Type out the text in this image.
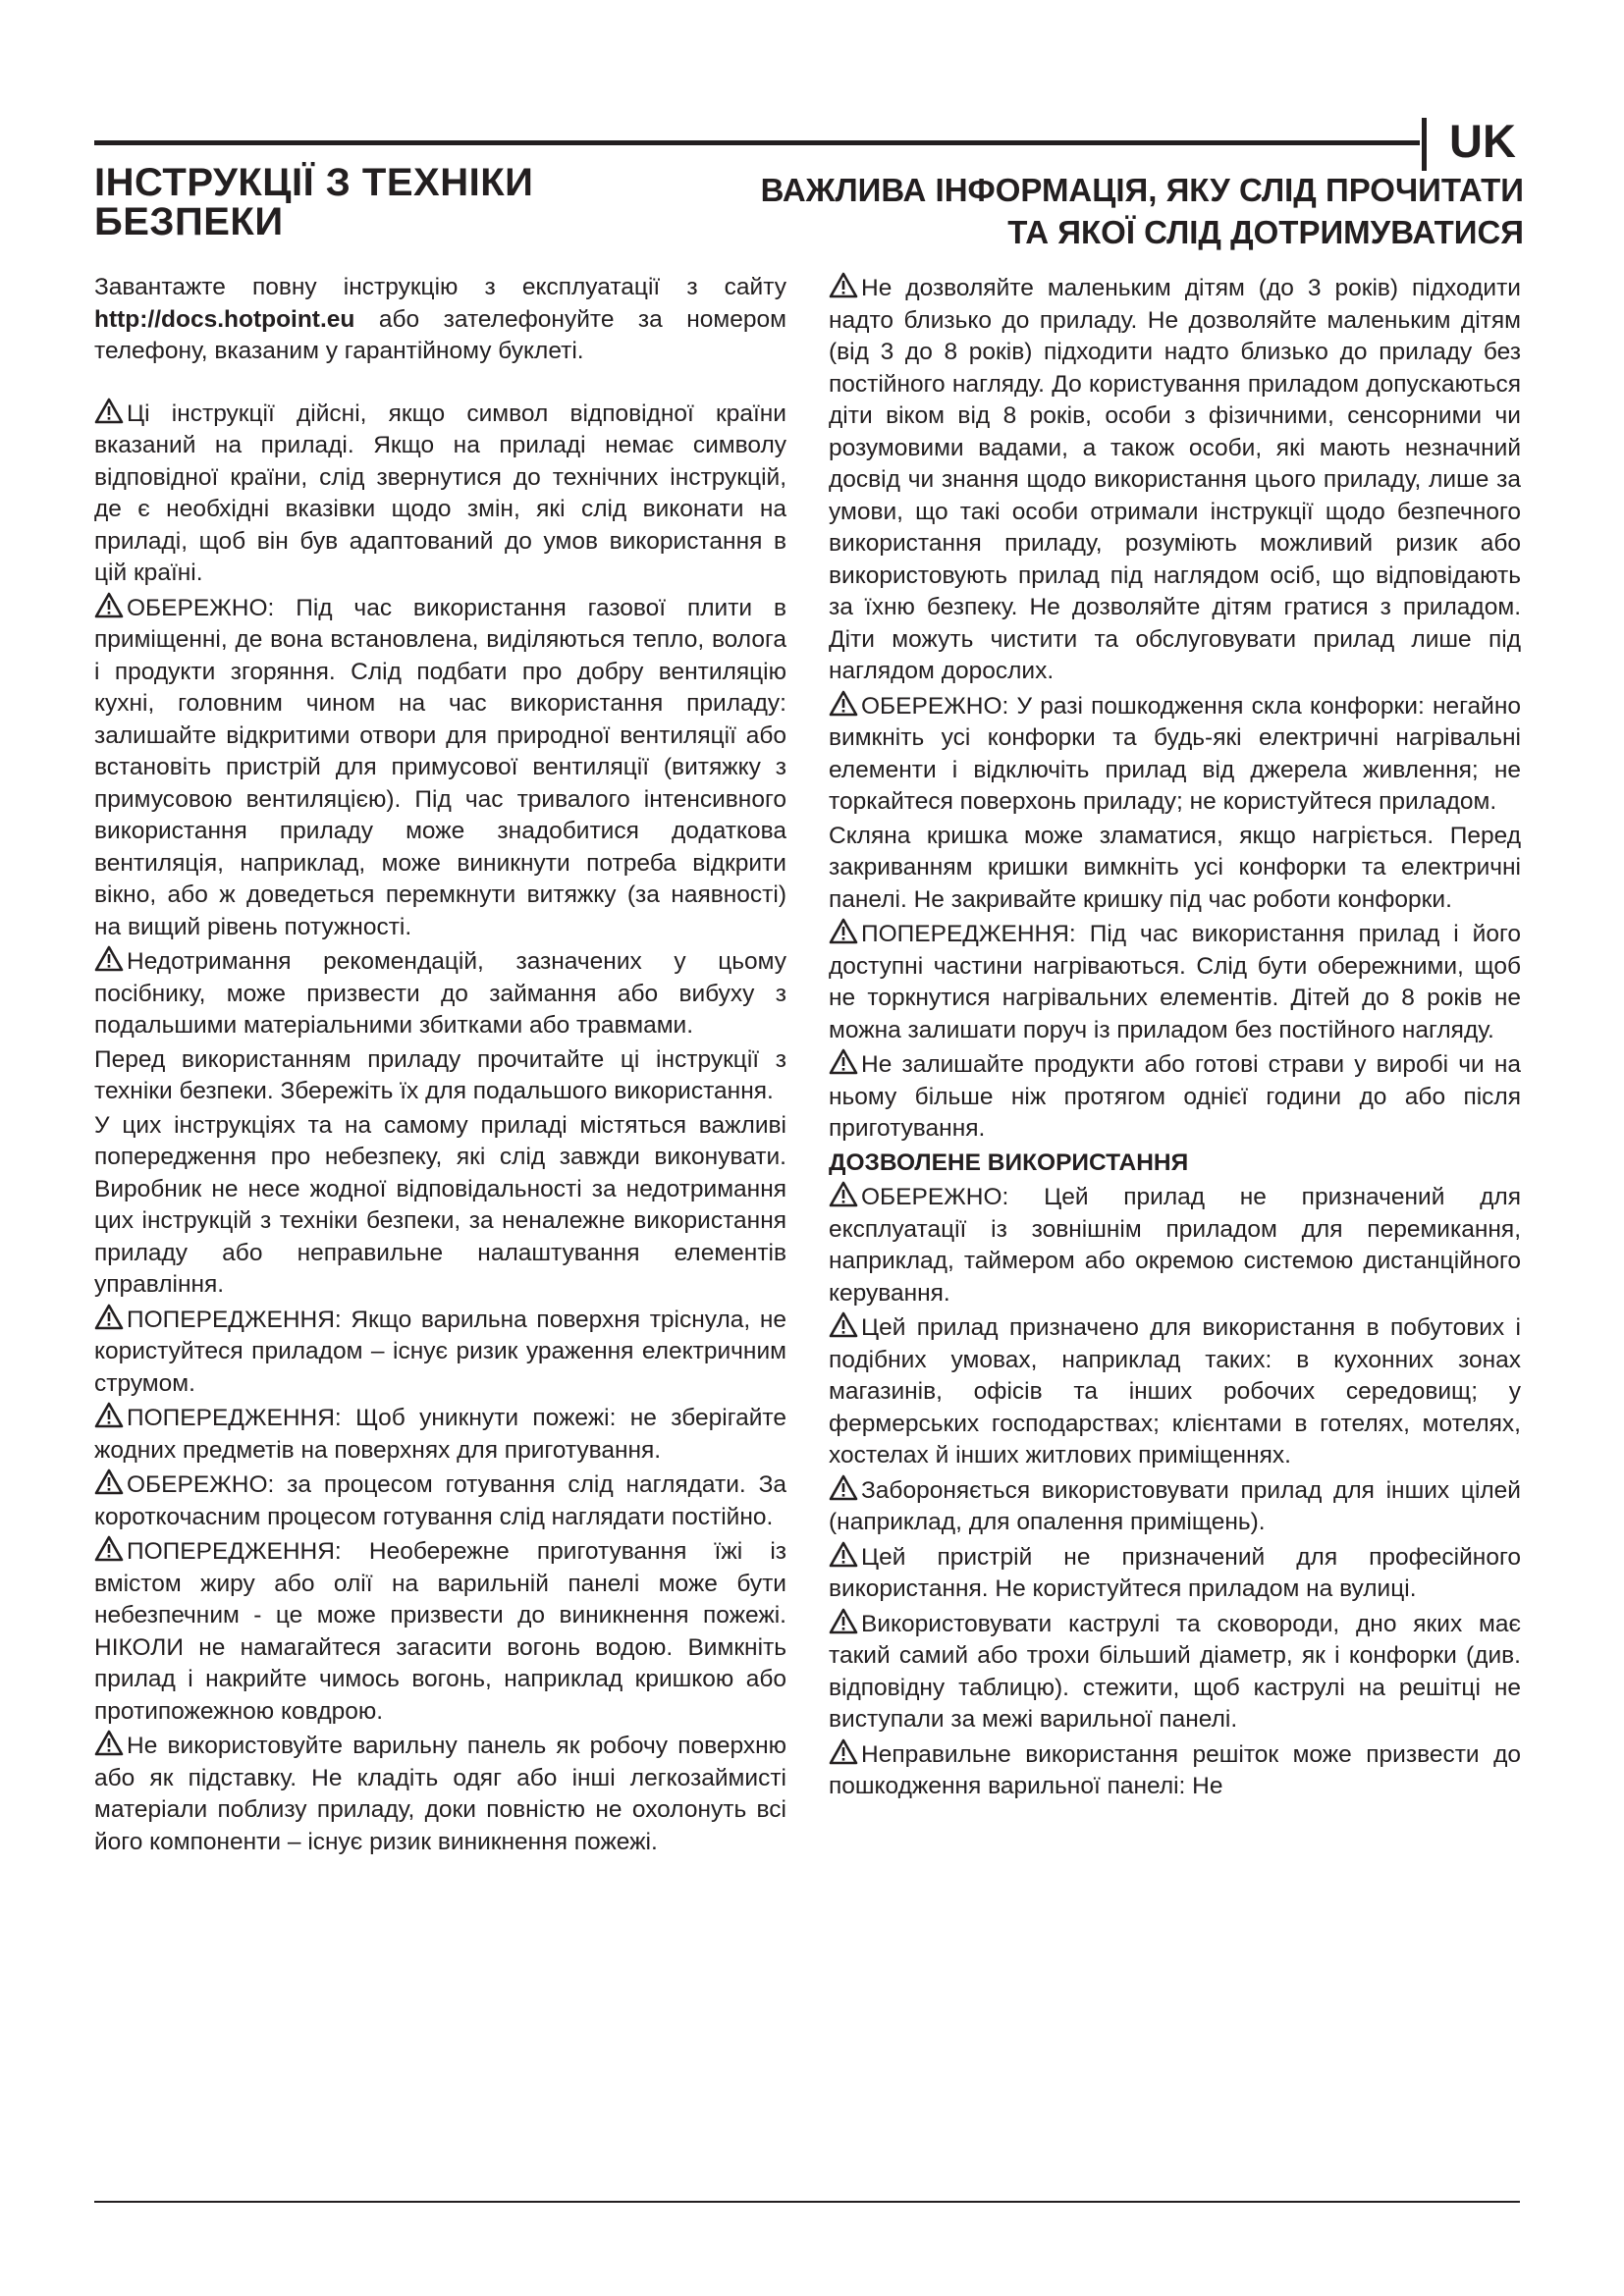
UK
ІНСТРУКЦІЇ З ТЕХНІКИ БЕЗПЕКИ
ВАЖЛИВА ІНФОРМАЦІЯ, ЯКУ СЛІД ПРОЧИТАТИ
ТА ЯКОЇ СЛІД ДОТРИМУВАТИСЯ

Завантажте повну інструкцію з експлуатації з сайту http://docs.hotpoint.eu або зателефонуйте за номером телефону, вказаним у гарантійному буклеті.

Ці інструкції дійсні, якщо символ відповідної країни вказаний на приладі. Якщо на приладі немає символу відповідної країни, слід звернутися до технічних інструкцій, де є необхідні вказівки щодо змін, які слід виконати на приладі, щоб він був адаптований до умов використання в цій країні.

ОБЕРЕЖНО: Під час використання газової плити в приміщенні, де вона встановлена, виділяються тепло, волога і продукти згоряння. Слід подбати про добру вентиляцію кухні, головним чином на час використання приладу: залишайте відкритими отвори для природної вентиляції або встановіть пристрій для примусової вентиляції (витяжку з примусовою вентиляцією). Під час тривалого інтенсивного використання приладу може знадобитися додаткова вентиляція, наприклад, може виникнути потреба відкрити вікно, або ж доведеться перемкнути витяжку (за наявності) на вищий рівень потужності.

Недотримання рекомендацій, зазначених у цьому посібнику, може призвести до займання або вибуху з подальшими матеріальними збитками або травмами.

Перед використанням приладу прочитайте ці інструкції з техніки безпеки. Збережіть їх для подальшого використання.

У цих інструкціях та на самому приладі містяться важливі попередження про небезпеку, які слід завжди виконувати. Виробник не несе жодної відповідальності за недотримання цих інструкцій з техніки безпеки, за неналежне використання приладу або неправильне налаштування елементів управління.

ПОПЕРЕДЖЕННЯ: Якщо варильна поверхня тріснула, не користуйтеся приладом – існує ризик ураження електричним струмом.

ПОПЕРЕДЖЕННЯ: Щоб уникнути пожежі: не зберігайте жодних предметів на поверхнях для приготування.

ОБЕРЕЖНО: за процесом готування слід наглядати. За короткочасним процесом готування слід наглядати постійно.

ПОПЕРЕДЖЕННЯ: Необережне приготування їжі із вмістом жиру або олії на варильній панелі може бути небезпечним - це може призвести до виникнення пожежі. НІКОЛИ не намагайтеся загасити вогонь водою. Вимкніть прилад і накрийте чимось вогонь, наприклад кришкою або протипожежною ковдрою.

Не використовуйте варильну панель як робочу поверхню або як підставку. Не кладіть одяг або інші легкозаймисті матеріали поблизу приладу, доки повністю не охолонуть всі його компоненти – існує ризик виникнення пожежі.

Не дозволяйте маленьким дітям (до 3 років) підходити надто близько до приладу. Не дозволяйте маленьким дітям (від 3 до 8 років) підходити надто близько до приладу без постійного нагляду. До користування приладом допускаються діти віком від 8 років, особи з фізичними, сенсорними чи розумовими вадами, а також особи, які мають незначний досвід чи знання щодо використання цього приладу, лише за умови, що такі особи отримали інструкції щодо безпечного використання приладу, розуміють можливий ризик або використовують прилад під наглядом осіб, що відповідають за їхню безпеку. Не дозволяйте дітям гратися з приладом. Діти можуть чистити та обслуговувати прилад лише під наглядом дорослих.

ОБЕРЕЖНО: У разі пошкодження скла конфорки: негайно вимкніть усі конфорки та будь-які електричні нагрівальні елементи і відключіть прилад від джерела живлення; не торкайтеся поверхонь приладу; не користуйтеся приладом.

Скляна кришка може зламатися, якщо нагріється. Перед закриванням кришки вимкніть усі конфорки та електричні панелі. Не закривайте кришку під час роботи конфорки.

ПОПЕРЕДЖЕННЯ: Під час використання прилад і його доступні частини нагріваються. Слід бути обережними, щоб не торкнутися нагрівальних елементів. Дітей до 8 років не можна залишати поруч із приладом без постійного нагляду.

Не залишайте продукти або готові страви у виробі чи на ньому більше ніж протягом однієї години до або після приготування.

ДОЗВОЛЕНЕ ВИКОРИСТАННЯ

ОБЕРЕЖНО: Цей прилад не призначений для експлуатації із зовнішнім приладом для перемикання, наприклад, таймером або окремою системою дистанційного керування.

Цей прилад призначено для використання в побутових і подібних умовах, наприклад таких: в кухонних зонах магазинів, офісів та інших робочих середовищ; у фермерських господарствах; клієнтами в готелях, мотелях, хостелах й інших житлових приміщеннях.

Забороняється використовувати прилад для інших цілей (наприклад, для опалення приміщень).

Цей пристрій не призначений для професійного використання. Не користуйтеся приладом на вулиці.

Використовувати каструлі та сковороди, дно яких має такий самий або трохи більший діаметр, як і конфорки (див. відповідну таблицю). стежити, щоб каструлі на решітці не виступали за межі варильної панелі.

Неправильне використання решіток може призвести до пошкодження варильної панелі: Не
